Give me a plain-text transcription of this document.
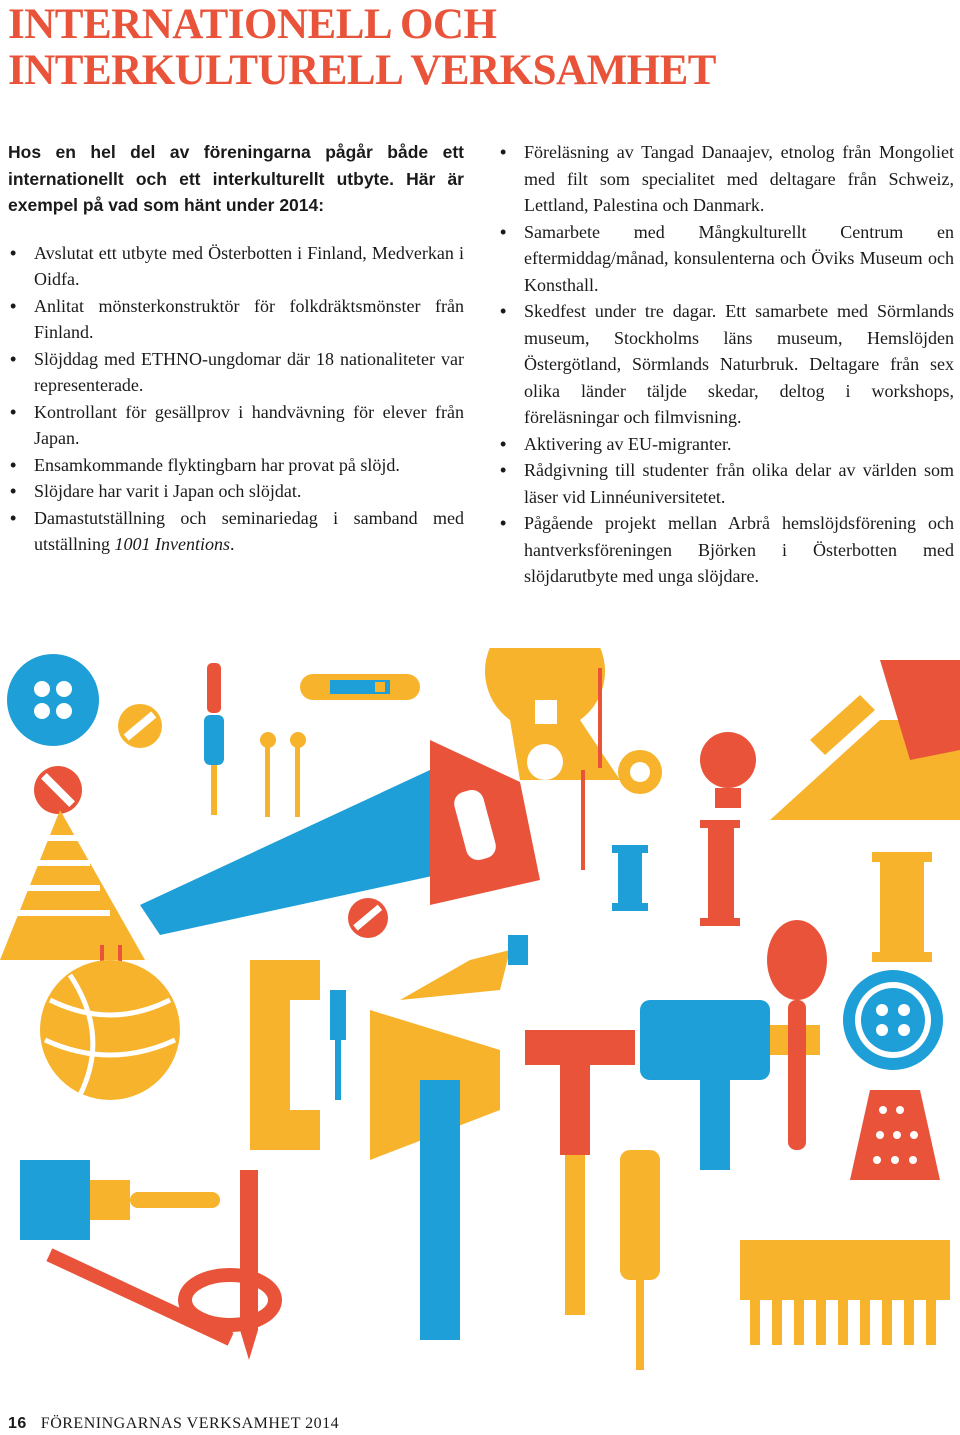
INTERNATIONELL OCH
INTERKULTURELL VERKSAMHET

Hos en hel del av föreningarna pågår både ett internationellt och ett interkulturellt utbyte. Här är exempel på vad som hänt under 2014:

• Avslutat ett utbyte med Österbotten i Finland, Medverkan i Oidfa.
• Anlitat mönsterkonstruktör för folkdräktsmönster från Finland.
• Slöjddag med ETHNO-ungdomar där 18 nationaliteter var representerade.
• Kontrollant för gesällprov i handvävning för elever från Japan.
• Ensamkommande flyktingbarn har provat på slöjd.
• Slöjdare har varit i Japan och slöjdat.
• Damastutställning och seminariedag i samband med utställning 1001 Inventions.
• Föreläsning av Tangad Danaajev, etnolog från Mongoliet med filt som specialitet med deltagare från Schweiz, Lettland, Palestina och Danmark.
• Samarbete med Mångkulturellt Centrum en eftermiddag/månad, konsulenterna och Öviks Museum och Konsthall.
• Skedfest under tre dagar. Ett samarbete med Sörmlands museum, Stockholms läns museum, Hemslöjden Östergötland, Sörmlands Naturbruk. Deltagare från sex olika länder täljde skedar, deltog i workshops, föreläsningar och filmvisning.
• Aktivering av EU-migranter.
• Rådgivning till studenter från olika delar av världen som läser vid Linnéuniversitetet.
• Pågående projekt mellan Arbrå hemslöjdsförening och hantverksföreningen Björken i Österbotten med slöjdarutbyte med unga slöjdare.

16 FÖRENINGARNAS VERKSAMHET 2014
